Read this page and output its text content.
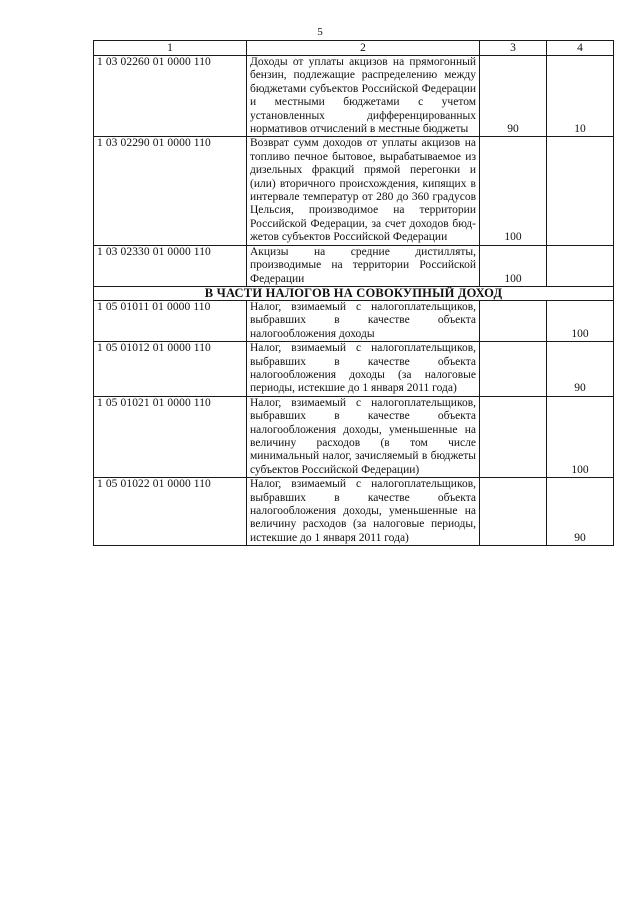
5
1	2	3	4
1 03 02260 01 0000 110	Доходы от уплаты акцизов на прямогонный бензин, подлежащие распределению между бюджетами субъектов Российской Федерации и местными бюджетами с учетом установленных дифференцированных нормативов отчислений в местные бюджеты	90	10
1 03 02290 01 0000 110	Возврат сумм доходов от уплаты акцизов на топливо печное бытовое, вырабатываемое из дизельных фракций прямой перегонки и (или) вторичного происхождения, кипящих в интервале температур от 280 до 360 градусов Цельсия, производимое на территории Российской Федерации, за счет доходов бюджетов субъектов Российской Федерации	100	
1 03 02330 01 0000 110	Акцизы на средние дистилляты, производимые на территории Российской Федерации	100	
В ЧАСТИ НАЛОГОВ НА СОВОКУПНЫЙ ДОХОД			
1 05 01011 01 0000 110	Налог, взимаемый с налогоплательщиков, выбравших в качестве объекта налогообложения доходы		100
1 05 01012 01 0000 110	Налог, взимаемый с налогоплательщиков, выбравших в качестве объекта налогообложения доходы (за налоговые периоды, истекшие до 1 января 2011 года)		90
1 05 01021 01 0000 110	Налог, взимаемый с налогоплательщиков, выбравших в качестве объекта налогообложения доходы, уменьшенные на величину расходов (в том числе минимальный налог, зачисляемый в бюджеты субъектов Российской Федерации)		100
1 05 01022 01 0000 110	Налог, взимаемый с налогоплательщиков, выбравших в качестве объекта налогообложения доходы, уменьшенные на величину расходов (за налоговые периоды, истекшие до 1 января 2011 года)		90
